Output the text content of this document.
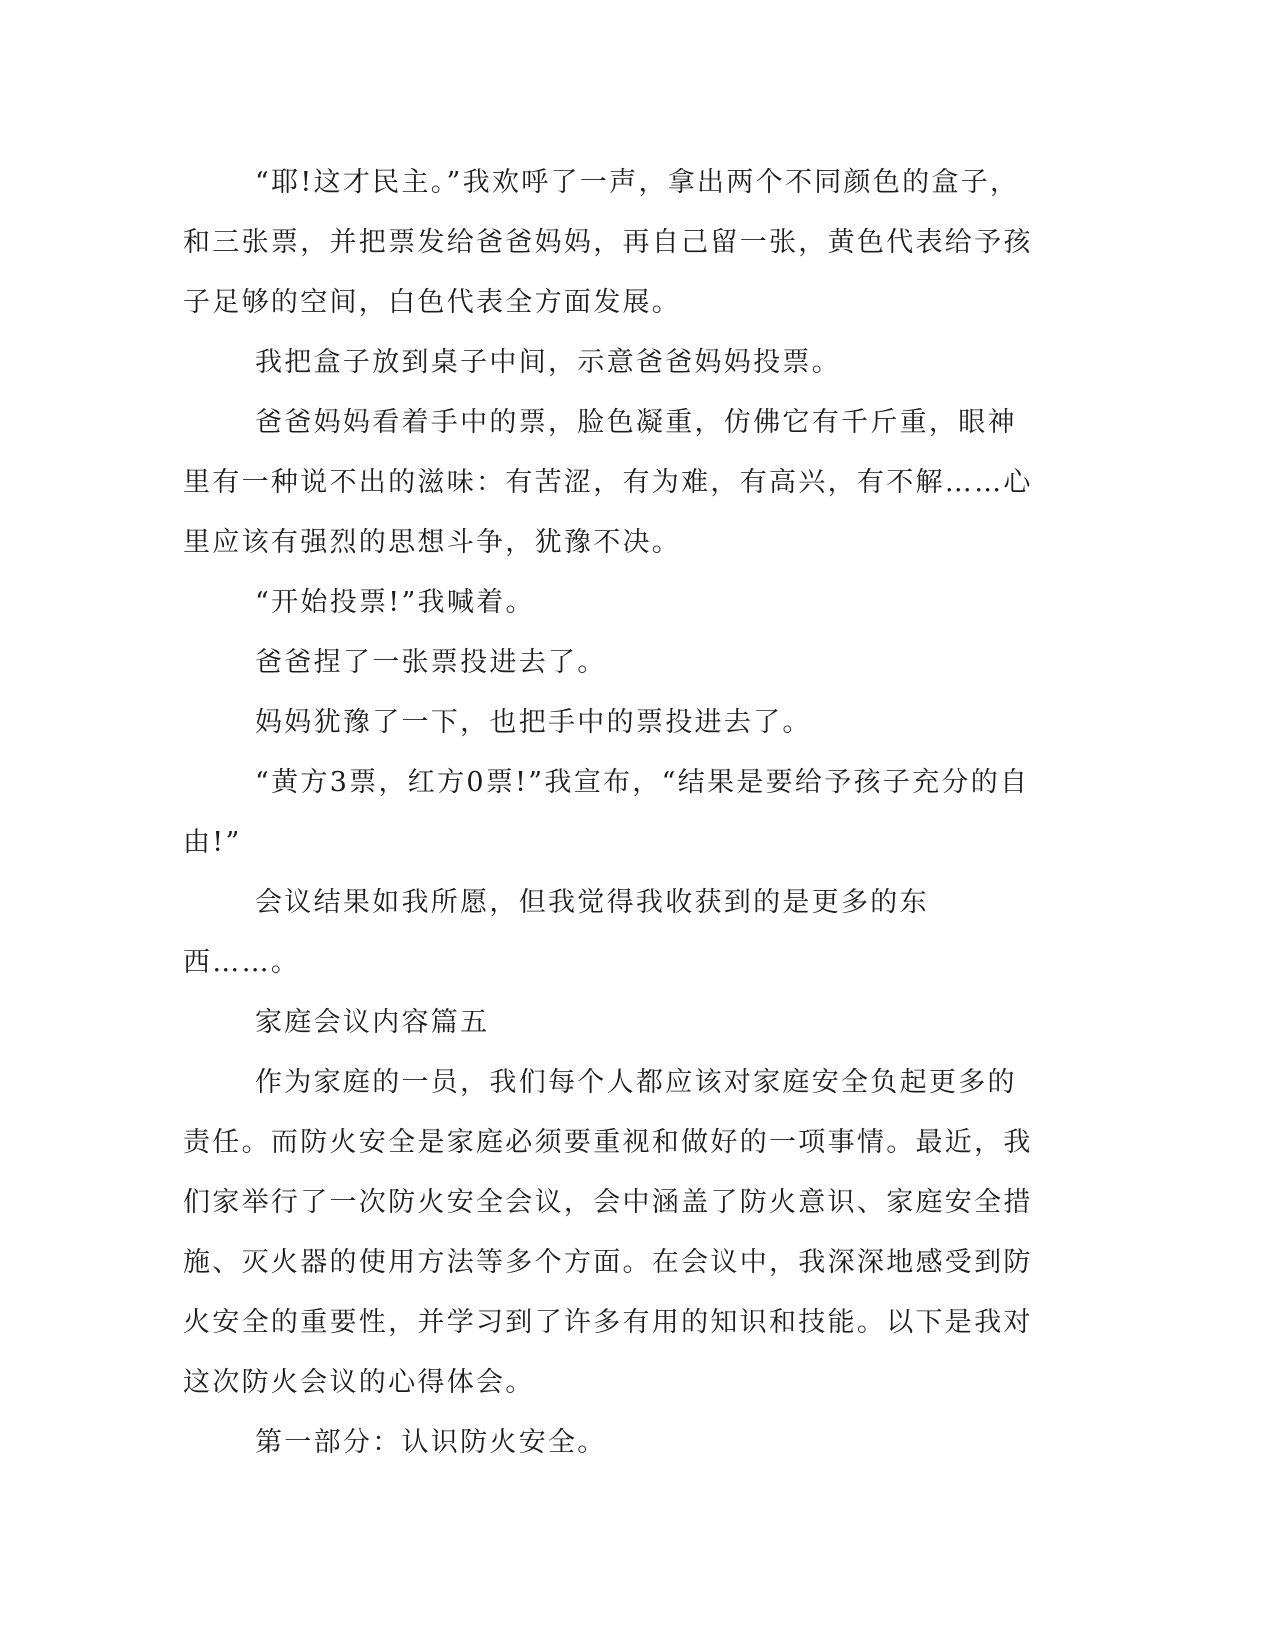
“耶!这才民主。”我欢呼了一声，拿出两个不同颜色的盒子，和三张票，并把票发给爸爸妈妈，再自己留一张，黄色代表给予孩子足够的空间，白色代表全方面发展。

我把盒子放到桌子中间，示意爸爸妈妈投票。

爸爸妈妈看着手中的票，脸色凝重，仿佛它有千斤重，眼神里有一种说不出的滋味：有苦涩，有为难，有高兴，有不解……心里应该有强烈的思想斗争，犹豫不决。

“开始投票!”我喊着。

爸爸捏了一张票投进去了。

妈妈犹豫了一下，也把手中的票投进去了。

“黄方3票，红方0票!”我宣布，“结果是要给予孩子充分的自由!”

会议结果如我所愿，但我觉得我收获到的是更多的东西……。

家庭会议内容篇五

作为家庭的一员，我们每个人都应该对家庭安全负起更多的责任。而防火安全是家庭必须要重视和做好的一项事情。最近，我们家举行了一次防火安全会议，会中涵盖了防火意识、家庭安全措施、灭火器的使用方法等多个方面。在会议中，我深深地感受到防火安全的重要性，并学习到了许多有用的知识和技能。以下是我对这次防火会议的心得体会。

第一部分：认识防火安全。
